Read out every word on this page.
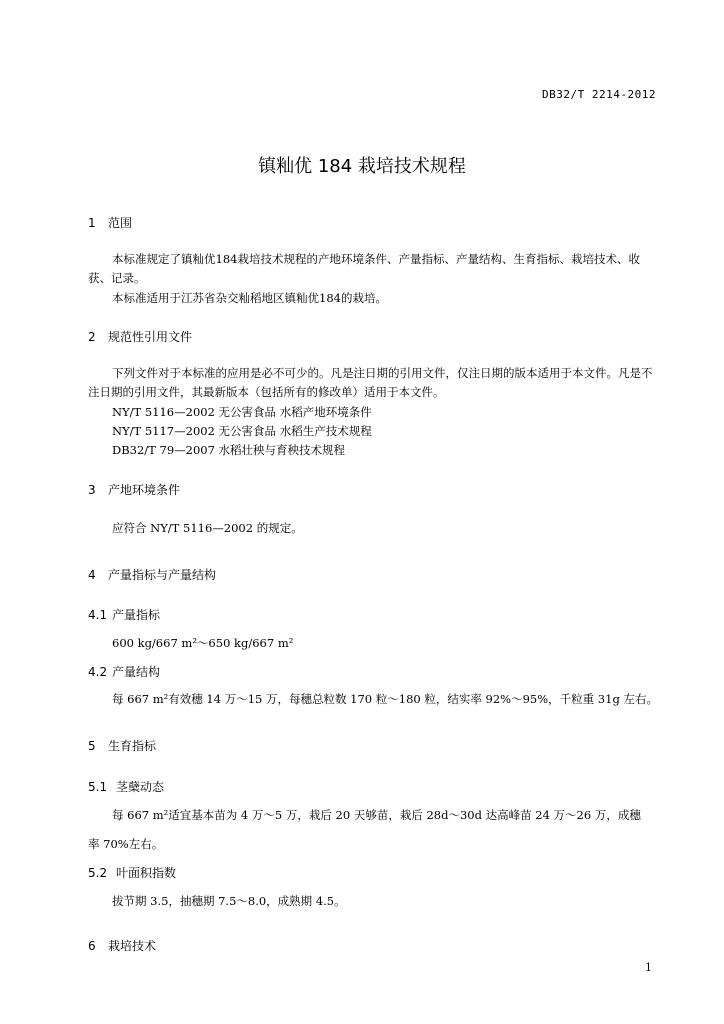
DB32/T 2214-2012
镇籼优 184 栽培技术规程
1 范围
本标准规定了镇籼优184栽培技术规程的产地环境条件、产量指标、产量结构、生育指标、栽培技术、收获、记录。
本标准适用于江苏省杂交籼稻地区镇籼优184的栽培。
2 规范性引用文件
下列文件对于本标准的应用是必不可少的。凡是注日期的引用文件，仅注日期的版本适用于本文件。凡是不注日期的引用文件，其最新版本（包括所有的修改单）适用于本文件。
NY/T 5116—2002 无公害食品 水稻产地环境条件
NY/T 5117—2002 无公害食品 水稻生产技术规程
DB32/T 79—2007 水稻壮秧与育秧技术规程
3 产地环境条件
应符合 NY/T 5116—2002 的规定。
4 产量指标与产量结构
4.1 产量指标
600 kg/667 m²～650 kg/667 m²
4.2 产量结构
每 667 m²有效穗 14 万～15 万，每穗总粒数 170 粒～180 粒，结实率 92%～95%，千粒重 31g 左右。
5 生育指标
5.1 茎蘖动态
每 667 m²适宜基本苗为 4 万～5 万，栽后 20 天够苗，栽后 28d～30d 达高峰苗 24 万～26 万，成穗
率 70%左右。
5.2 叶面积指数
拔节期 3.5，抽穗期 7.5～8.0，成熟期 4.5。
6 栽培技术
1
